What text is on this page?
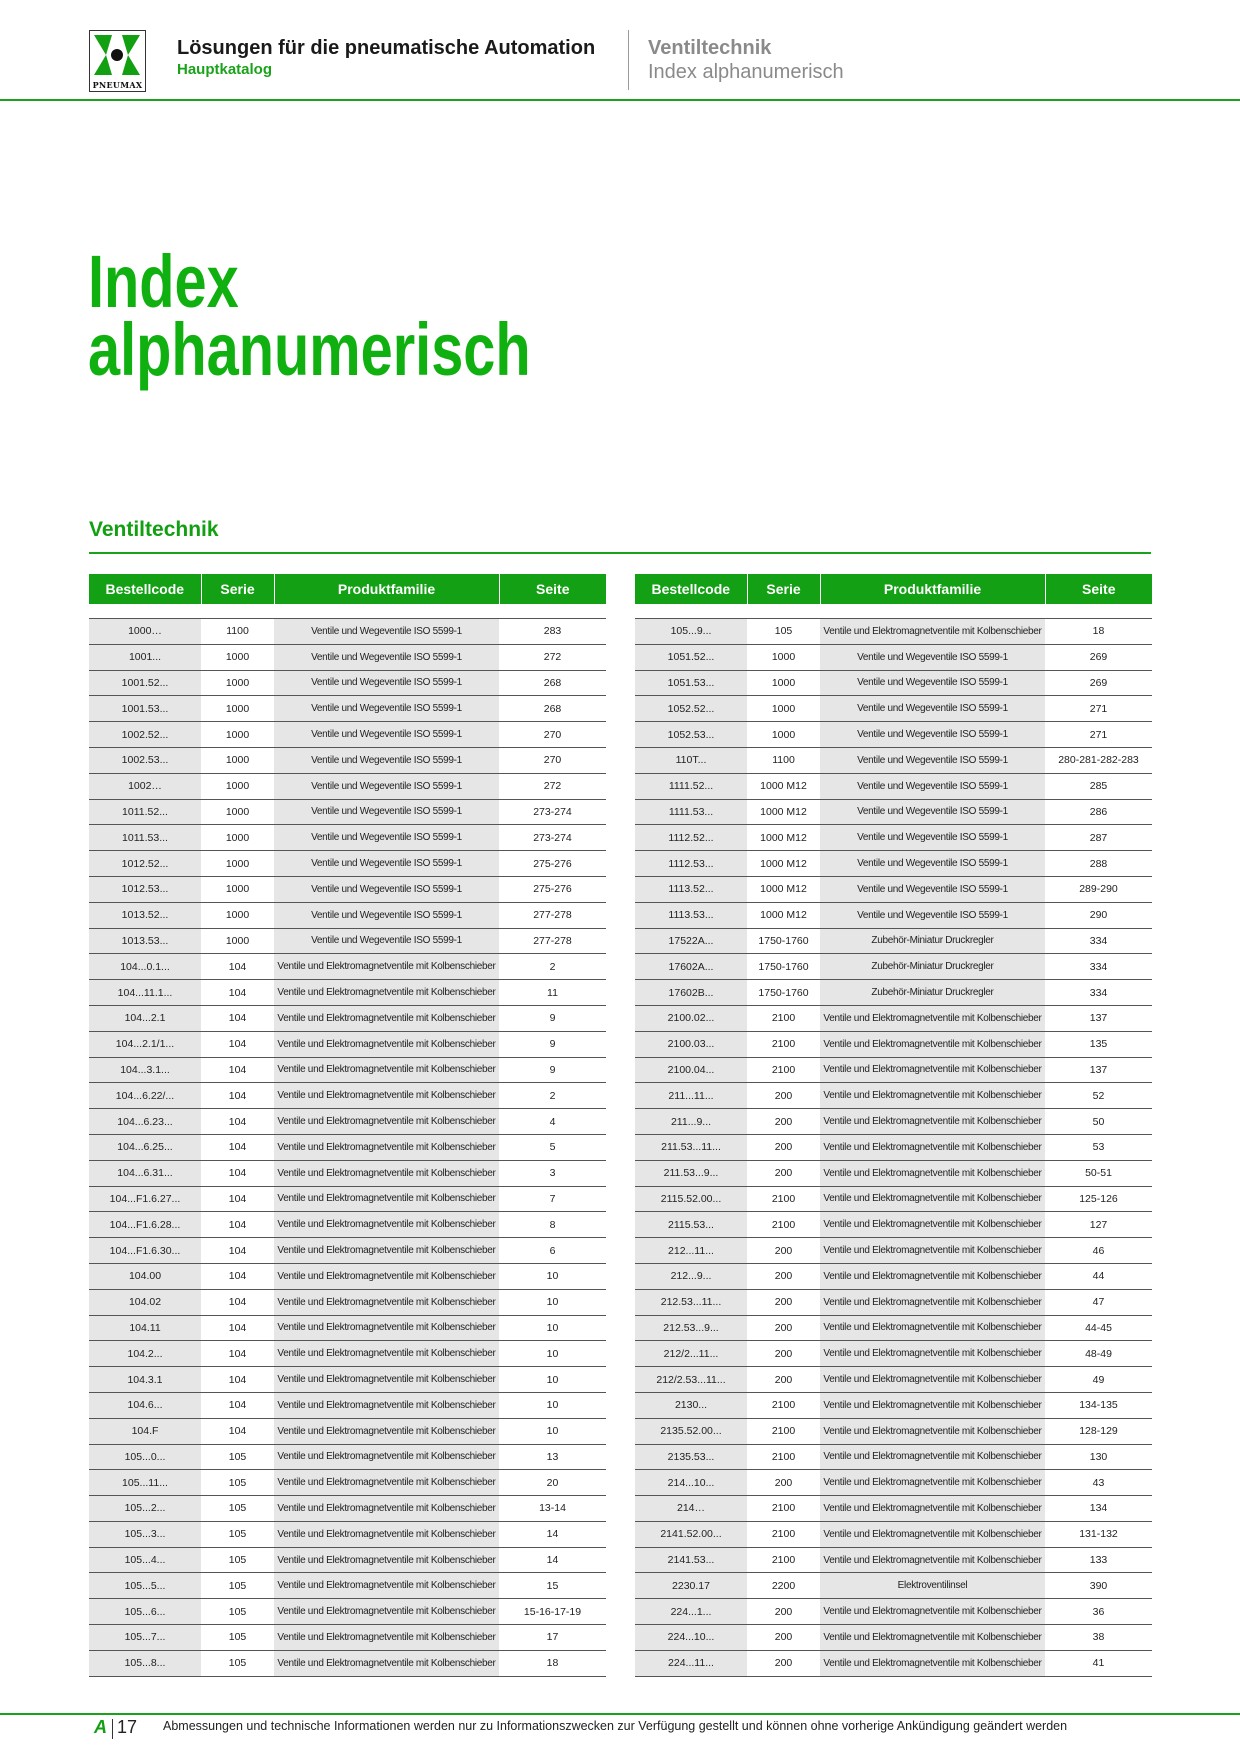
PNEUMAX
Lösungen für die pneumatische Automation
Hauptkatalog
Ventiltechnik
Index alphanumerisch
Index
alphanumerisch
Ventiltechnik
Bestellcode	Serie	Produktfamilie	Seite

1000…	1100	Ventile und Wegeventile ISO 5599-1	283
1001...	1000	Ventile und Wegeventile ISO 5599-1	272
1001.52...	1000	Ventile und Wegeventile ISO 5599-1	268
1001.53...	1000	Ventile und Wegeventile ISO 5599-1	268
1002.52...	1000	Ventile und Wegeventile ISO 5599-1	270
1002.53...	1000	Ventile und Wegeventile ISO 5599-1	270
1002…	1000	Ventile und Wegeventile ISO 5599-1	272
1011.52...	1000	Ventile und Wegeventile ISO 5599-1	273-274
1011.53...	1000	Ventile und Wegeventile ISO 5599-1	273-274
1012.52...	1000	Ventile und Wegeventile ISO 5599-1	275-276
1012.53...	1000	Ventile und Wegeventile ISO 5599-1	275-276
1013.52...	1000	Ventile und Wegeventile ISO 5599-1	277-278
1013.53...	1000	Ventile und Wegeventile ISO 5599-1	277-278
104...0.1...	104	Ventile und Elektromagnetventile mit Kolbenschieber	2
104...11.1...	104	Ventile und Elektromagnetventile mit Kolbenschieber	11
104...2.1	104	Ventile und Elektromagnetventile mit Kolbenschieber	9
104...2.1/1...	104	Ventile und Elektromagnetventile mit Kolbenschieber	9
104...3.1...	104	Ventile und Elektromagnetventile mit Kolbenschieber	9
104...6.22/...	104	Ventile und Elektromagnetventile mit Kolbenschieber	2
104...6.23...	104	Ventile und Elektromagnetventile mit Kolbenschieber	4
104...6.25...	104	Ventile und Elektromagnetventile mit Kolbenschieber	5
104...6.31...	104	Ventile und Elektromagnetventile mit Kolbenschieber	3
104...F1.6.27...	104	Ventile und Elektromagnetventile mit Kolbenschieber	7
104...F1.6.28...	104	Ventile und Elektromagnetventile mit Kolbenschieber	8
104...F1.6.30...	104	Ventile und Elektromagnetventile mit Kolbenschieber	6
104.00	104	Ventile und Elektromagnetventile mit Kolbenschieber	10
104.02	104	Ventile und Elektromagnetventile mit Kolbenschieber	10
104.11	104	Ventile und Elektromagnetventile mit Kolbenschieber	10
104.2...	104	Ventile und Elektromagnetventile mit Kolbenschieber	10
104.3.1	104	Ventile und Elektromagnetventile mit Kolbenschieber	10
104.6...	104	Ventile und Elektromagnetventile mit Kolbenschieber	10
104.F	104	Ventile und Elektromagnetventile mit Kolbenschieber	10
105...0...	105	Ventile und Elektromagnetventile mit Kolbenschieber	13
105...11...	105	Ventile und Elektromagnetventile mit Kolbenschieber	20
105...2...	105	Ventile und Elektromagnetventile mit Kolbenschieber	13-14
105...3...	105	Ventile und Elektromagnetventile mit Kolbenschieber	14
105...4...	105	Ventile und Elektromagnetventile mit Kolbenschieber	14
105...5...	105	Ventile und Elektromagnetventile mit Kolbenschieber	15
105...6...	105	Ventile und Elektromagnetventile mit Kolbenschieber	15-16-17-19
105...7...	105	Ventile und Elektromagnetventile mit Kolbenschieber	17
105...8...	105	Ventile und Elektromagnetventile mit Kolbenschieber	18
Bestellcode	Serie	Produktfamilie	Seite

105...9...	105	Ventile und Elektromagnetventile mit Kolbenschieber	18
1051.52...	1000	Ventile und Wegeventile ISO 5599-1	269
1051.53...	1000	Ventile und Wegeventile ISO 5599-1	269
1052.52...	1000	Ventile und Wegeventile ISO 5599-1	271
1052.53...	1000	Ventile und Wegeventile ISO 5599-1	271
110T...	1100	Ventile und Wegeventile ISO 5599-1	280-281-282-283
1111.52...	1000 M12	Ventile und Wegeventile ISO 5599-1	285
1111.53...	1000 M12	Ventile und Wegeventile ISO 5599-1	286
1112.52...	1000 M12	Ventile und Wegeventile ISO 5599-1	287
1112.53...	1000 M12	Ventile und Wegeventile ISO 5599-1	288
1113.52...	1000 M12	Ventile und Wegeventile ISO 5599-1	289-290
1113.53...	1000 M12	Ventile und Wegeventile ISO 5599-1	290
17522A...	1750-1760	Zubehör-Miniatur Druckregler	334
17602A...	1750-1760	Zubehör-Miniatur Druckregler	334
17602B...	1750-1760	Zubehör-Miniatur Druckregler	334
2100.02...	2100	Ventile und Elektromagnetventile mit Kolbenschieber	137
2100.03...	2100	Ventile und Elektromagnetventile mit Kolbenschieber	135
2100.04...	2100	Ventile und Elektromagnetventile mit Kolbenschieber	137
211...11...	200	Ventile und Elektromagnetventile mit Kolbenschieber	52
211...9...	200	Ventile und Elektromagnetventile mit Kolbenschieber	50
211.53...11...	200	Ventile und Elektromagnetventile mit Kolbenschieber	53
211.53...9...	200	Ventile und Elektromagnetventile mit Kolbenschieber	50-51
2115.52.00...	2100	Ventile und Elektromagnetventile mit Kolbenschieber	125-126
2115.53...	2100	Ventile und Elektromagnetventile mit Kolbenschieber	127
212...11...	200	Ventile und Elektromagnetventile mit Kolbenschieber	46
212...9...	200	Ventile und Elektromagnetventile mit Kolbenschieber	44
212.53...11...	200	Ventile und Elektromagnetventile mit Kolbenschieber	47
212.53...9...	200	Ventile und Elektromagnetventile mit Kolbenschieber	44-45
212/2...11...	200	Ventile und Elektromagnetventile mit Kolbenschieber	48-49
212/2.53...11...	200	Ventile und Elektromagnetventile mit Kolbenschieber	49
2130...	2100	Ventile und Elektromagnetventile mit Kolbenschieber	134-135
2135.52.00...	2100	Ventile und Elektromagnetventile mit Kolbenschieber	128-129
2135.53...	2100	Ventile und Elektromagnetventile mit Kolbenschieber	130
214...10...	200	Ventile und Elektromagnetventile mit Kolbenschieber	43
214…	2100	Ventile und Elektromagnetventile mit Kolbenschieber	134
2141.52.00...	2100	Ventile und Elektromagnetventile mit Kolbenschieber	131-132
2141.53...	2100	Ventile und Elektromagnetventile mit Kolbenschieber	133
2230.17	2200	Elektroventilinsel	390
224...1...	200	Ventile und Elektromagnetventile mit Kolbenschieber	36
224...10...	200	Ventile und Elektromagnetventile mit Kolbenschieber	38
224...11...	200	Ventile und Elektromagnetventile mit Kolbenschieber	41
A 17 Abmessungen und technische Informationen werden nur zu Informationszwecken zur Verfügung gestellt und können ohne vorherige Ankündigung geändert werden
